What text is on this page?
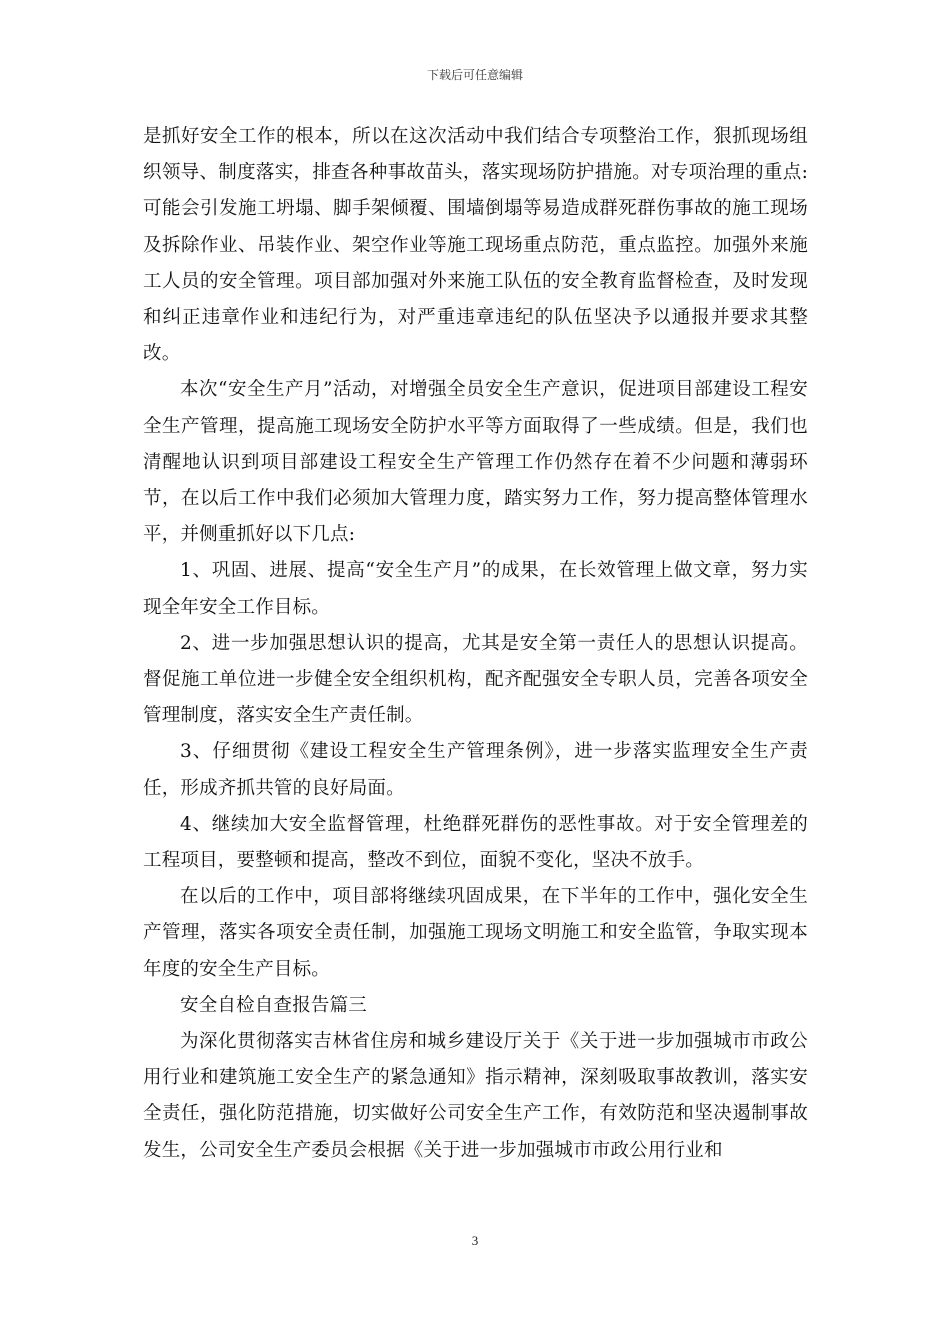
下载后可任意编辑

是抓好安全工作的根本，所以在这次活动中我们结合专项整治工作，狠抓现场组织领导、制度落实，排查各种事故苗头，落实现场防护措施。对专项治理的重点:可能会引发施工坍塌、脚手架倾覆、围墙倒塌等易造成群死群伤事故的施工现场及拆除作业、吊装作业、架空作业等施工现场重点防范，重点监控。加强外来施工人员的安全管理。项目部加强对外来施工队伍的安全教育监督检查，及时发现和纠正违章作业和违纪行为，对严重违章违纪的队伍坚决予以通报并要求其整改。

本次“安全生产月”活动，对增强全员安全生产意识，促进项目部建设工程安全生产管理，提高施工现场安全防护水平等方面取得了一些成绩。但是，我们也清醒地认识到项目部建设工程安全生产管理工作仍然存在着不少问题和薄弱环节，在以后工作中我们必须加大管理力度，踏实努力工作，努力提高整体管理水平，并侧重抓好以下几点:

1、巩固、进展、提高“安全生产月”的成果，在长效管理上做文章，努力实现全年安全工作目标。

2、进一步加强思想认识的提高，尤其是安全第一责任人的思想认识提高。督促施工单位进一步健全安全组织机构，配齐配强安全专职人员，完善各项安全管理制度，落实安全生产责任制。

3、仔细贯彻《建设工程安全生产管理条例》，进一步落实监理安全生产责任，形成齐抓共管的良好局面。

4、继续加大安全监督管理，杜绝群死群伤的恶性事故。对于安全管理差的工程项目，要整顿和提高，整改不到位，面貌不变化，坚决不放手。

在以后的工作中，项目部将继续巩固成果，在下半年的工作中，强化安全生产管理，落实各项安全责任制，加强施工现场文明施工和安全监管，争取实现本年度的安全生产目标。

安全自检自查报告篇三

为深化贯彻落实吉林省住房和城乡建设厅关于《关于进一步加强城市市政公用行业和建筑施工安全生产的紧急通知》指示精神，深刻吸取事故教训，落实安全责任，强化防范措施，切实做好公司安全生产工作，有效防范和坚决遏制事故发生，公司安全生产委员会根据《关于进一步加强城市市政公用行业和

3
